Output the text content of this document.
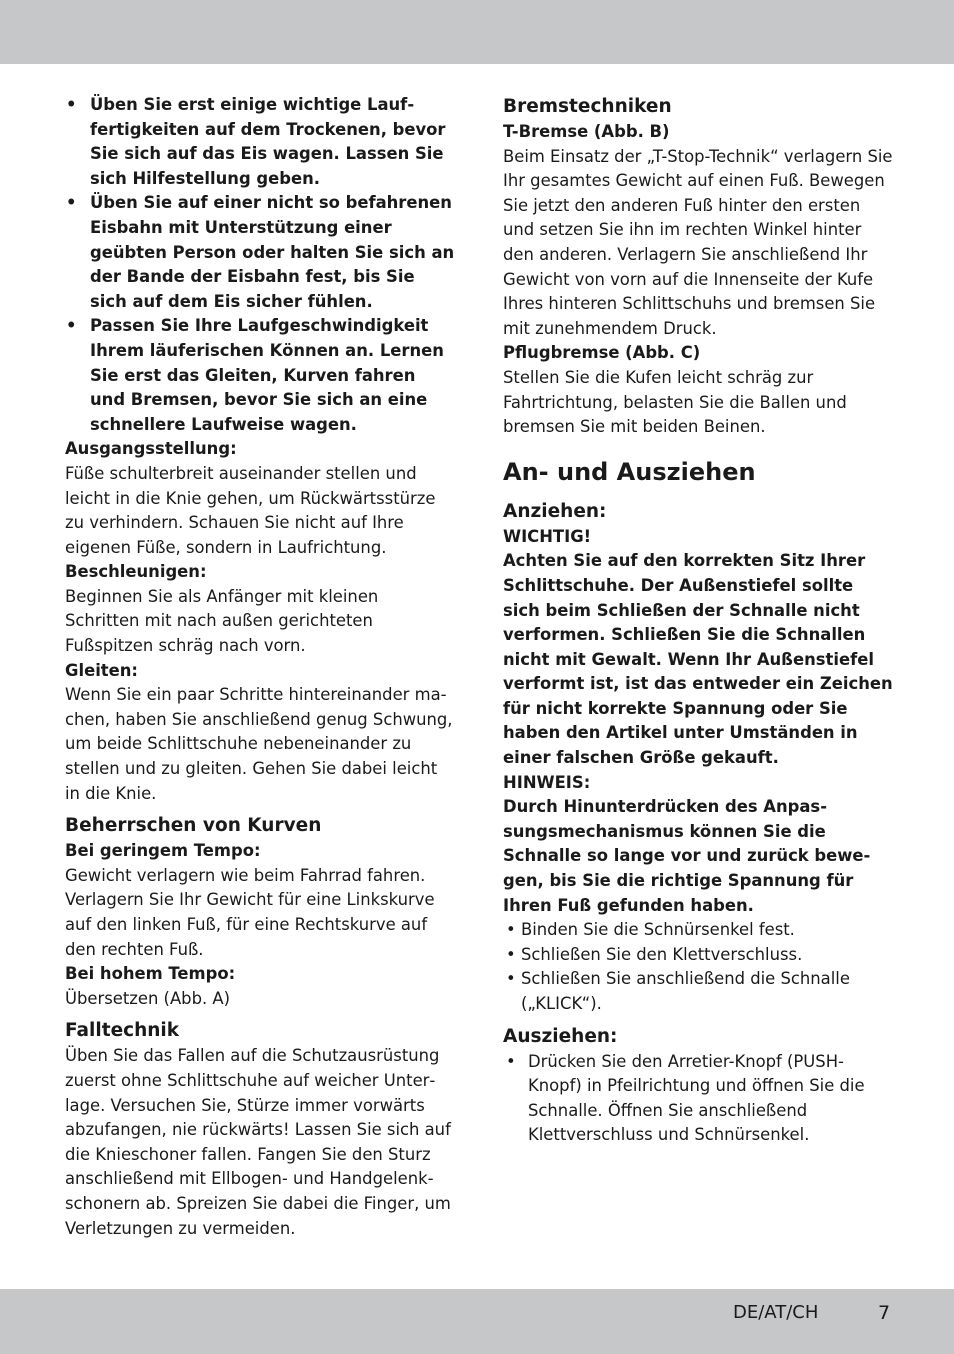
• Üben Sie erst einige wichtige Lauffertigkeiten auf dem Trockenen, bevor Sie sich auf das Eis wagen. Lassen Sie sich Hilfestellung geben.
• Üben Sie auf einer nicht so befahrenen Eisbahn mit Unterstützung einer geübten Person oder halten Sie sich an der Bande der Eisbahn fest, bis Sie sich auf dem Eis sicher fühlen.
• Passen Sie Ihre Laufgeschwindigkeit Ihrem läuferischen Können an. Lernen Sie erst das Gleiten, Kurven fahren und Bremsen, bevor Sie sich an eine schnellere Laufweise wagen.
Ausgangsstellung:

Füße schulterbreit auseinander stellen und leicht in die Knie gehen, um Rückwärtsstürze zu verhindern. Schauen Sie nicht auf Ihre eigenen Füße, sondern in Laufrichtung.

Beschleunigen:

Beginnen Sie als Anfänger mit kleinen Schritten mit nach außen gerichteten Fußspitzen schräg nach vorn.

Gleiten:

Wenn Sie ein paar Schritte hintereinander machen, haben Sie anschließend genug Schwung, um beide Schlittschuhe nebeneinander zu stellen und zu gleiten. Gehen Sie dabei leicht in die Knie.

Beherrschen von Kurven
Bei geringem Tempo:

Gewicht verlagern wie beim Fahrrad fahren. Verlagern Sie Ihr Gewicht für eine Linkskurve auf den linken Fuß, für eine Rechtskurve auf den rechten Fuß.

Bei hohem Tempo:

Übersetzen (Abb. A)

Falltechnik

Üben Sie das Fallen auf die Schutzausrüstung zuerst ohne Schlittschuhe auf weicher Unterlage. Versuchen Sie, Stürze immer vorwärts abzufangen, nie rückwärts! Lassen Sie sich auf die Knieschoner fallen. Fangen Sie den Sturz anschließend mit Ellbogen- und Handgelenkschonern ab. Spreizen Sie dabei die Finger, um Verletzungen zu vermeiden.

Bremstechniken
T-Bremse (Abb. B)

Beim Einsatz der „T-Stop-Technik“ verlagern Sie Ihr gesamtes Gewicht auf einen Fuß. Bewegen Sie jetzt den anderen Fuß hinter den ersten und setzen Sie ihn im rechten Winkel hinter den anderen. Verlagern Sie anschließend Ihr Gewicht von vorn auf die Innenseite der Kufe Ihres hinteren Schlittschuhs und bremsen Sie mit zunehmendem Druck.

Pflugbremse (Abb. C)

Stellen Sie die Kufen leicht schräg zur Fahrtrichtung, belasten Sie die Ballen und bremsen Sie mit beiden Beinen.

An- und Ausziehen
Anziehen:
WICHTIG!

Achten Sie auf den korrekten Sitz Ihrer Schlittschuhe. Der Außenstiefel sollte sich beim Schließen der Schnalle nicht verformen. Schließen Sie die Schnallen nicht mit Gewalt. Wenn Ihr Außenstiefel verformt ist, ist das entweder ein Zeichen für nicht korrekte Spannung oder Sie haben den Artikel unter Umständen in einer falschen Größe gekauft.

HINWEIS:

Durch Hinunterdrücken des Anpassungsmechanismus können Sie die Schnalle so lange vor und zurück bewegen, bis Sie die richtige Spannung für Ihren Fuß gefunden haben.

• Binden Sie die Schnürsenkel fest.
• Schließen Sie den Klettverschluss.
• Schließen Sie anschließend die Schnalle („KLICK“).
Ausziehen:
• Drücken Sie den Arretier-Knopf (PUSH-Knopf) in Pfeilrichtung und öffnen Sie die Schnalle. Öffnen Sie anschließend Klettverschluss und Schnürsenkel.
DE/AT/CH	7
